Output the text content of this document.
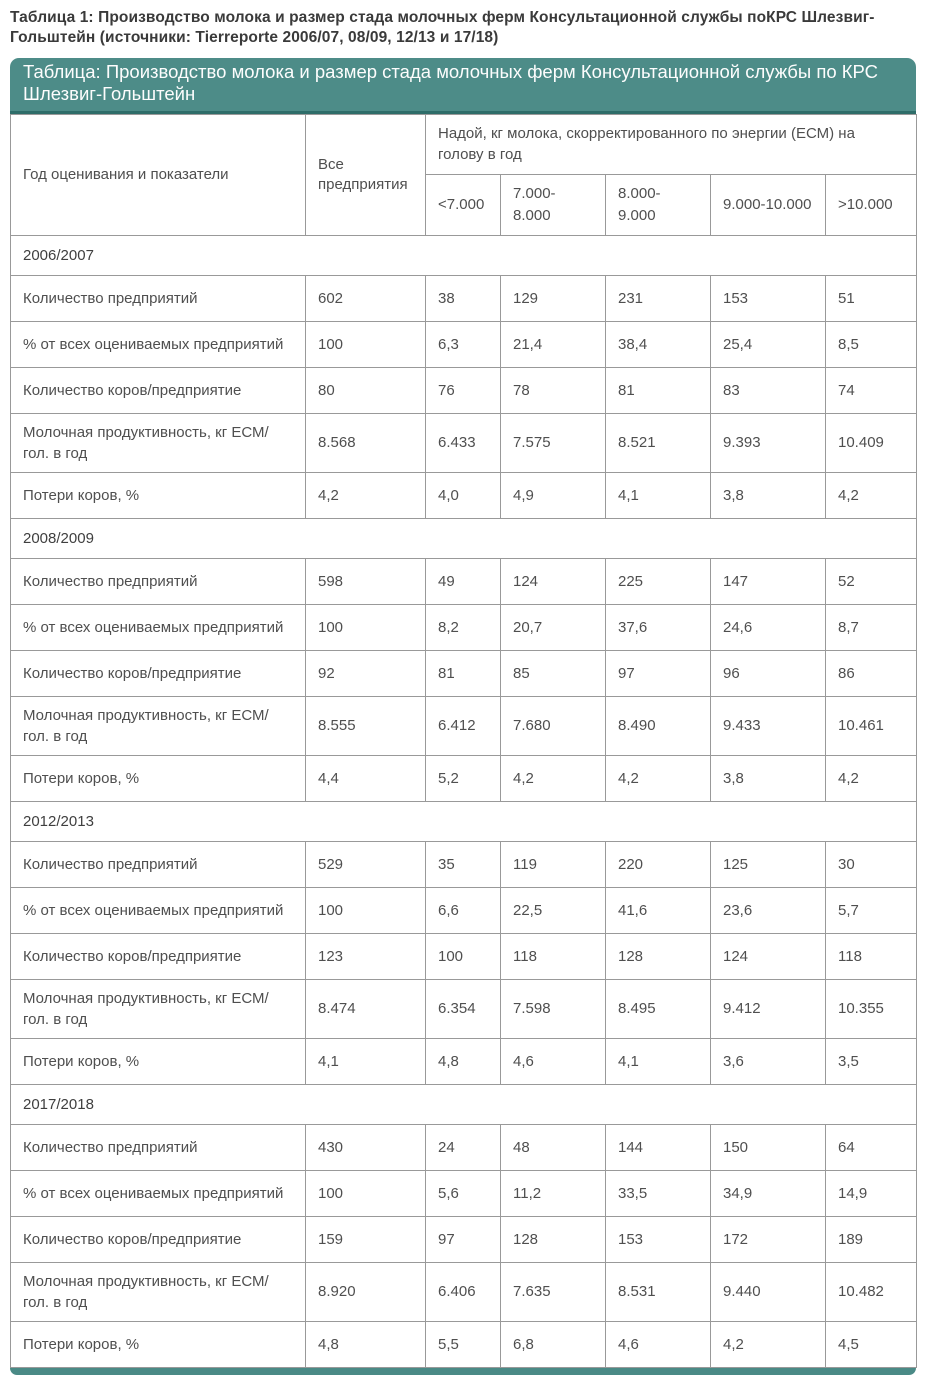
Таблица 1: Производство молока и размер стада молочных ферм Консультационной службы поКРС Шлезвиг-Гольштейн (источники: Tierreporte 2006/07, 08/09, 12/13 и 17/18)

Таблица: Производство молока и размер стада молочных ферм Консультационной службы по КРС Шлезвиг-Гольштейн
Год оценивания и показатели	Все предприятия	Надой, кг молока, скорректированного по энергии (ЕСМ) на голову в год				
		<7.000	7.000-8.000	8.000-9.000	9.000-10.000	>10.000
2006/2007						
Количество предприятий	602	38	129	231	153	51
% от всех оцениваемых предприятий	100	6,3	21,4	38,4	25,4	8,5
Количество коров/предприятие	80	76	78	81	83	74
Молочная продуктивность, кг ЕСМ/гол. в год	8.568	6.433	7.575	8.521	9.393	10.409
Потери коров, %	4,2	4,0	4,9	4,1	3,8	4,2
2008/2009						
Количество предприятий	598	49	124	225	147	52
% от всех оцениваемых предприятий	100	8,2	20,7	37,6	24,6	8,7
Количество коров/предприятие	92	81	85	97	96	86
Молочная продуктивность, кг ЕСМ/гол. в год	8.555	6.412	7.680	8.490	9.433	10.461
Потери коров, %	4,4	5,2	4,2	4,2	3,8	4,2
2012/2013						
Количество предприятий	529	35	119	220	125	30
% от всех оцениваемых предприятий	100	6,6	22,5	41,6	23,6	5,7
Количество коров/предприятие	123	100	118	128	124	118
Молочная продуктивность, кг ЕСМ/гол. в год	8.474	6.354	7.598	8.495	9.412	10.355
Потери коров, %	4,1	4,8	4,6	4,1	3,6	3,5
2017/2018						
Количество предприятий	430	24	48	144	150	64
% от всех оцениваемых предприятий	100	5,6	11,2	33,5	34,9	14,9
Количество коров/предприятие	159	97	128	153	172	189
Молочная продуктивность, кг ЕСМ/гол. в год	8.920	6.406	7.635	8.531	9.440	10.482
Потери коров, %	4,8	5,5	6,8	4,6	4,2	4,5
